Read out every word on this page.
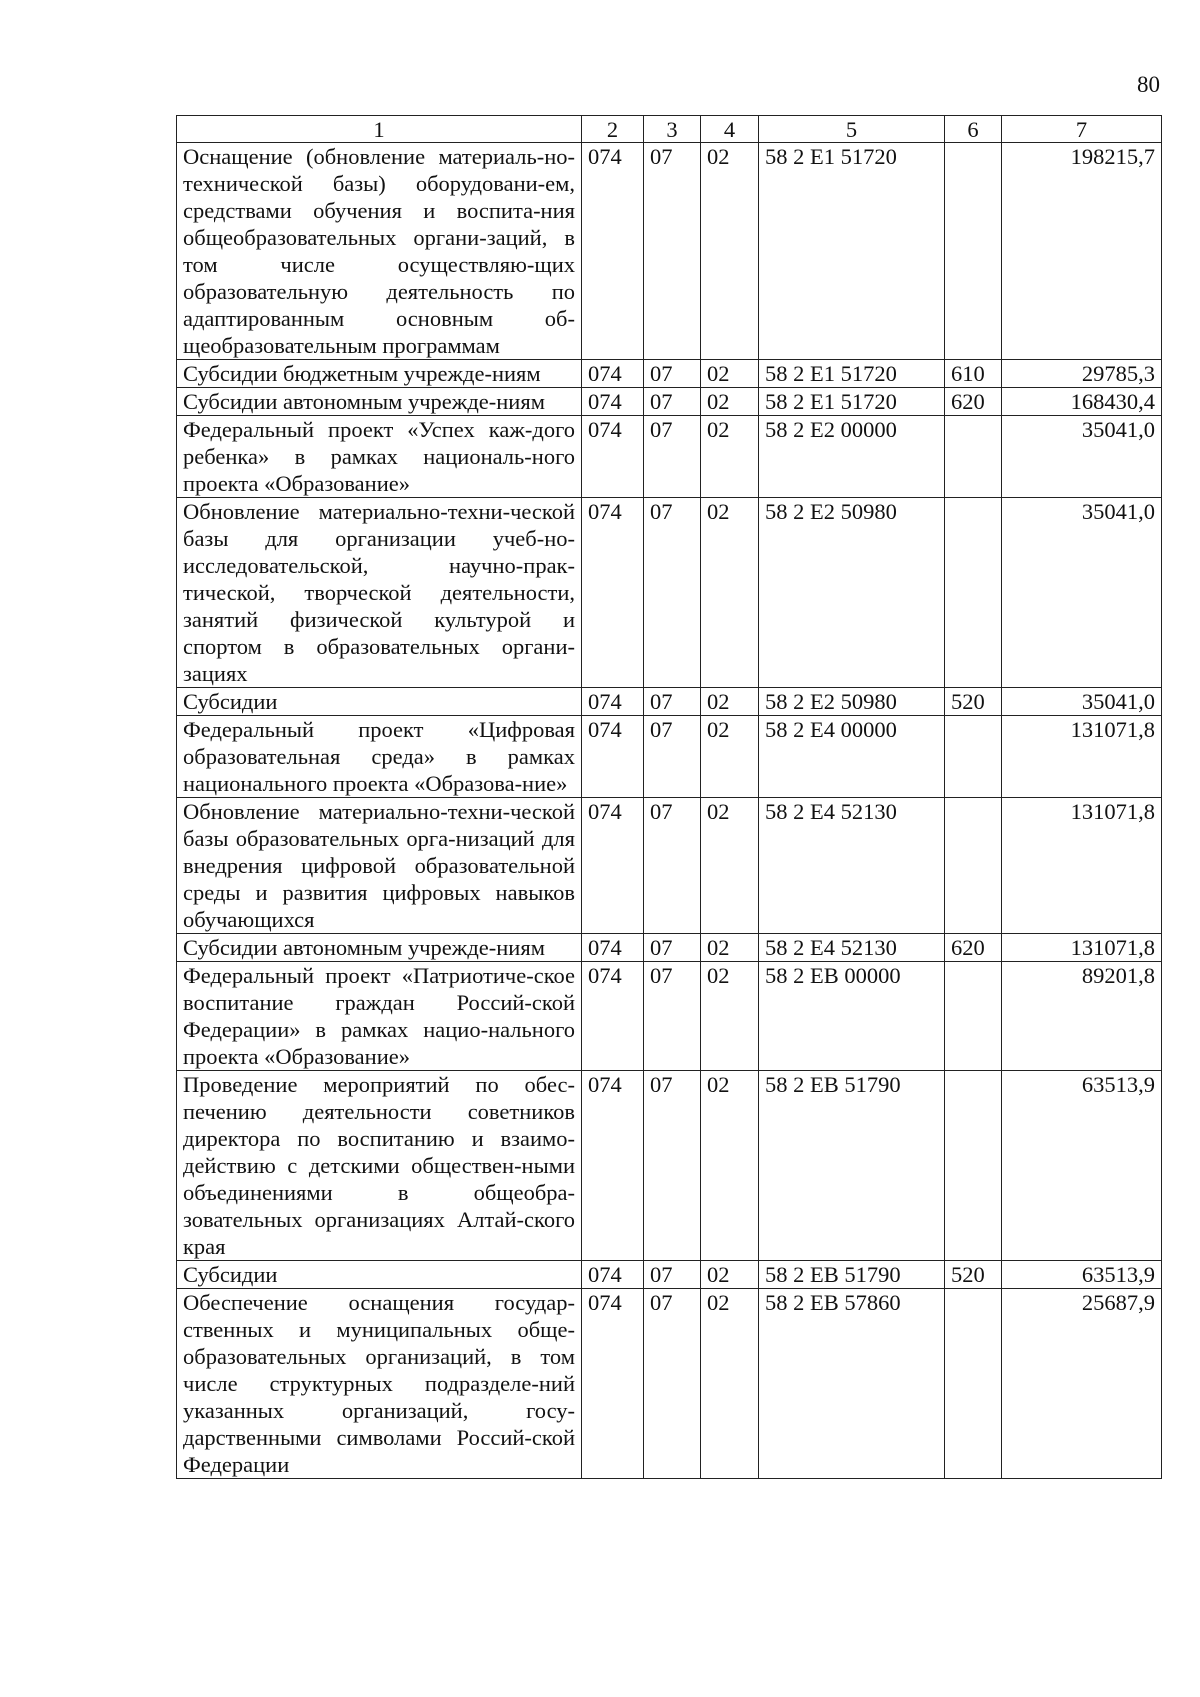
80
1	2	3	4	5	6	7
Оснащение (обновление материаль-но-технической базы) оборудовани-ем, средствами обучения и воспита-ния общеобразовательных органи-заций, в том числе осуществляю-щих образовательную деятельность по адаптированным основным об-щеобразовательным программам	074	07	02	58 2 E1 51720		198215,7
Субсидии бюджетным учрежде-ниям	074	07	02	58 2 E1 51720	610	29785,3
Субсидии автономным учрежде-ниям	074	07	02	58 2 E1 51720	620	168430,4
Федеральный проект «Успех каж-дого ребенка» в рамках националь-ного проекта «Образование»	074	07	02	58 2 E2 00000		35041,0
Обновление материально-техни-ческой базы для организации учеб-но-исследовательской, научно-прак-тической, творческой деятельности, занятий физической культурой и спортом в образовательных органи-зациях	074	07	02	58 2 E2 50980		35041,0
Субсидии	074	07	02	58 2 E2 50980	520	35041,0
Федеральный проект «Цифровая образовательная среда» в рамках национального проекта «Образова-ние»	074	07	02	58 2 E4 00000		131071,8
Обновление материально-техни-ческой базы образовательных орга-низаций для внедрения цифровой образовательной среды и развития цифровых навыков обучающихся	074	07	02	58 2 E4 52130		131071,8
Субсидии автономным учрежде-ниям	074	07	02	58 2 E4 52130	620	131071,8
Федеральный проект «Патриотиче-ское воспитание граждан Россий-ской Федерации» в рамках нацио-нального проекта «Образование»	074	07	02	58 2 EB 00000		89201,8
Проведение мероприятий по обес-печению деятельности советников директора по воспитанию и взаимо-действию с детскими обществен-ными объединениями в общеобра-зовательных организациях Алтай-ского края	074	07	02	58 2 EB 51790		63513,9
Субсидии	074	07	02	58 2 EB 51790	520	63513,9
Обеспечение оснащения государ-ственных и муниципальных обще-образовательных организаций, в том числе структурных подразделе-ний указанных организаций, госу-дарственными символами Россий-ской Федерации	074	07	02	58 2 EB 57860		25687,9
